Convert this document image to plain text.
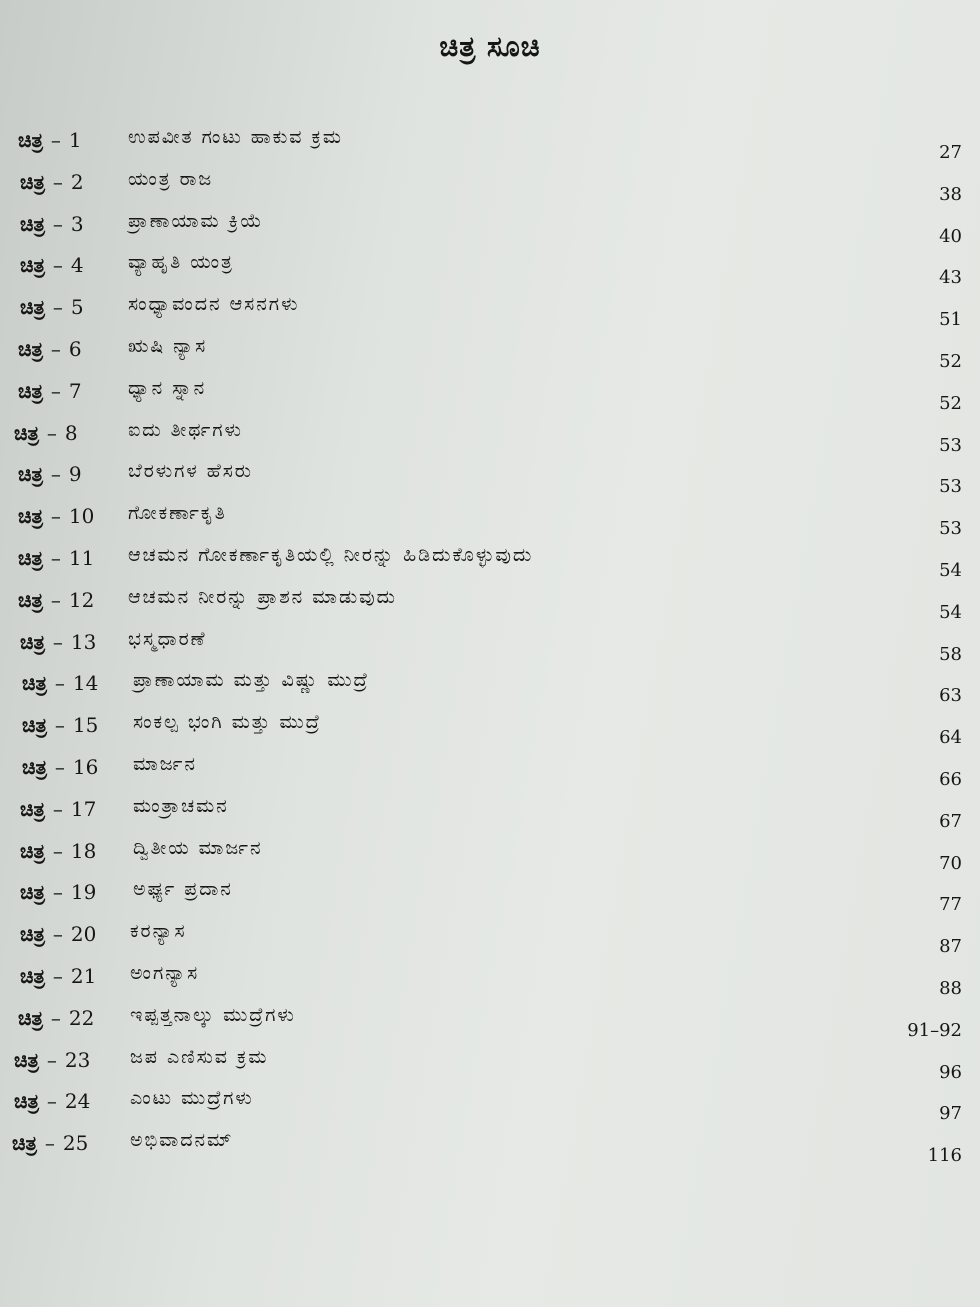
ಚಿತ್ರ ಸೂಚಿ
ಚಿತ್ರ – 1 ಉಪವೀತ ಗಂಟು ಹಾಕುವ ಕ್ರಮ
27
ಚಿತ್ರ – 2 ಯಂತ್ರ ರಾಜ
38
ಚಿತ್ರ – 3 ಪ್ರಾಣಾಯಾಮ ಕ್ರಿಯೆ
40
ಚಿತ್ರ – 4 ವ್ಯಾಹೃತಿ ಯಂತ್ರ
43
ಚಿತ್ರ – 5 ಸಂಧ್ಯಾವಂದನ ಆಸನಗಳು
51
ಚಿತ್ರ – 6 ಋಷಿ ನ್ಯಾಸ
52
ಚಿತ್ರ – 7 ಧ್ಯಾನ ಸ್ನಾನ
52
ಚಿತ್ರ – 8	ಐದು ತೀರ್ಥಗಳು
53
ಚಿತ್ರ – 9 ಬೆರಳುಗಳ ಹೆಸರು
53
ಚಿತ್ರ – 10 ಗೋಕರ್ಣಾಕೃತಿ
53
ಚಿತ್ರ – 11 ಆಚಮನ ಗೋಕರ್ಣಾಕೃತಿಯಲ್ಲಿ ನೀರನ್ನು ಹಿಡಿದುಕೊಳ್ಳುವುದು
54
ಚಿತ್ರ – 12 ಆಚಮನ ನೀರನ್ನು ಪ್ರಾಶನ ಮಾಡುವುದು
54
ಚಿತ್ರ – 13 ಭಸ್ಮಧಾರಣೆ
58
ಚಿತ್ರ – 14 ಪ್ರಾಣಾಯಾಮ ಮತ್ತು ವಿಷ್ಣು ಮುದ್ರೆ
63
ಚಿತ್ರ – 15 ಸಂಕಲ್ಪ ಭಂಗಿ ಮತ್ತು ಮುದ್ರೆ
64
ಚಿತ್ರ – 16 ಮಾರ್ಜನ
66
ಚಿತ್ರ – 17 ಮಂತ್ರಾಚಮನ
67
ಚಿತ್ರ – 18 ದ್ವಿತೀಯ ಮಾರ್ಜನ
70
ಚಿತ್ರ – 19 ಅರ್ಘ್ಯ ಪ್ರದಾನ
77
ಚಿತ್ರ – 20 ಕರನ್ಯಾಸ
87
ಚಿತ್ರ – 21 ಅಂಗನ್ಯಾಸ
88
ಚಿತ್ರ – 22 ಇಪ್ಪತ್ತನಾಲ್ಕು ಮುದ್ರೆಗಳು
91–92
ಚಿತ್ರ – 23 ಜಪ ಎಣಿಸುವ ಕ್ರಮ
96
ಚಿತ್ರ – 24 ಎಂಟು ಮುದ್ರೆಗಳು
97
ಚಿತ್ರ – 25 ಅಭಿವಾದನಮ್
116
